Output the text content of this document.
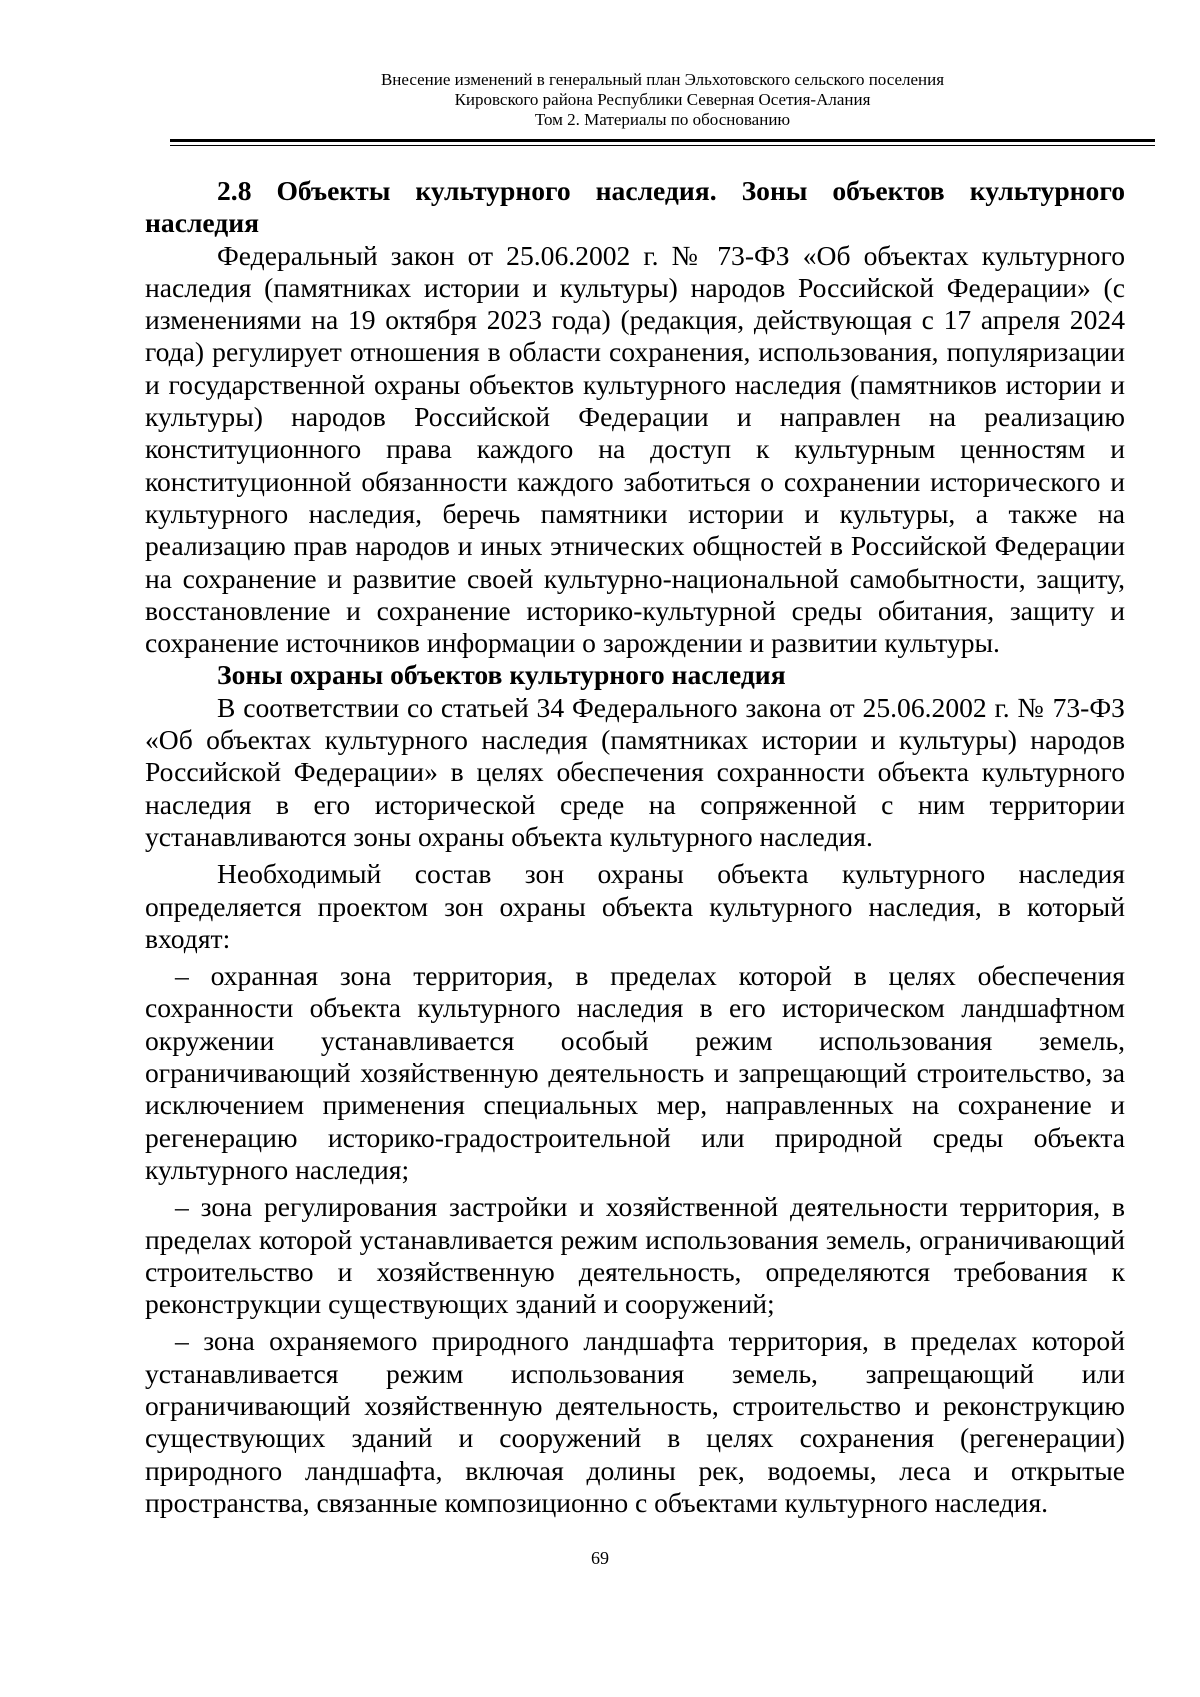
Внесение изменений в генеральный план Эльхотовского сельского поселения
Кировского района Республики Северная Осетия-Алания
Том 2. Материалы по обоснованию

2.8 Объекты культурного наследия. Зоны объектов культурного наследия

Федеральный закон от 25.06.2002 г. № 73-ФЗ «Об объектах культурного наследия (памятниках истории и культуры) народов Российской Федерации» (с изменениями на 19 октября 2023 года) (редакция, действующая с 17 апреля 2024 года) регулирует отношения в области сохранения, использования, популяризации и государственной охраны объектов культурного наследия (памятников истории и культуры) народов Российской Федерации и направлен на реализацию конституционного права каждого на доступ к культурным ценностям и конституционной обязанности каждого заботиться о сохранении исторического и культурного наследия, беречь памятники истории и культуры, а также на реализацию прав народов и иных этнических общностей в Российской Федерации на сохранение и развитие своей культурно-национальной самобытности, защиту, восстановление и сохранение историко-культурной среды обитания, защиту и сохранение источников информации о зарождении и развитии культуры.

Зоны охраны объектов культурного наследия

В соответствии со статьей 34 Федерального закона от 25.06.2002 г. № 73-ФЗ «Об объектах культурного наследия (памятниках истории и культуры) народов Российской Федерации» в целях обеспечения сохранности объекта культурного наследия в его исторической среде на сопряженной с ним территории устанавливаются зоны охраны объекта культурного наследия.

Необходимый состав зон охраны объекта культурного наследия определяется проектом зон охраны объекта культурного наследия, в который входят:

– охранная зона территория, в пределах которой в целях обеспечения сохранности объекта культурного наследия в его историческом ландшафтном окружении устанавливается особый режим использования земель, ограничивающий хозяйственную деятельность и запрещающий строительство, за исключением применения специальных мер, направленных на сохранение и регенерацию историко-градостроительной или природной среды объекта культурного наследия;

– зона регулирования застройки и хозяйственной деятельности территория, в пределах которой устанавливается режим использования земель, ограничивающий строительство и хозяйственную деятельность, определяются требования к реконструкции существующих зданий и сооружений;

– зона охраняемого природного ландшафта территория, в пределах которой устанавливается режим использования земель, запрещающий или ограничивающий хозяйственную деятельность, строительство и реконструкцию существующих зданий и сооружений в целях сохранения (регенерации) природного ландшафта, включая долины рек, водоемы, леса и открытые пространства, связанные композиционно с объектами культурного наследия.

69
